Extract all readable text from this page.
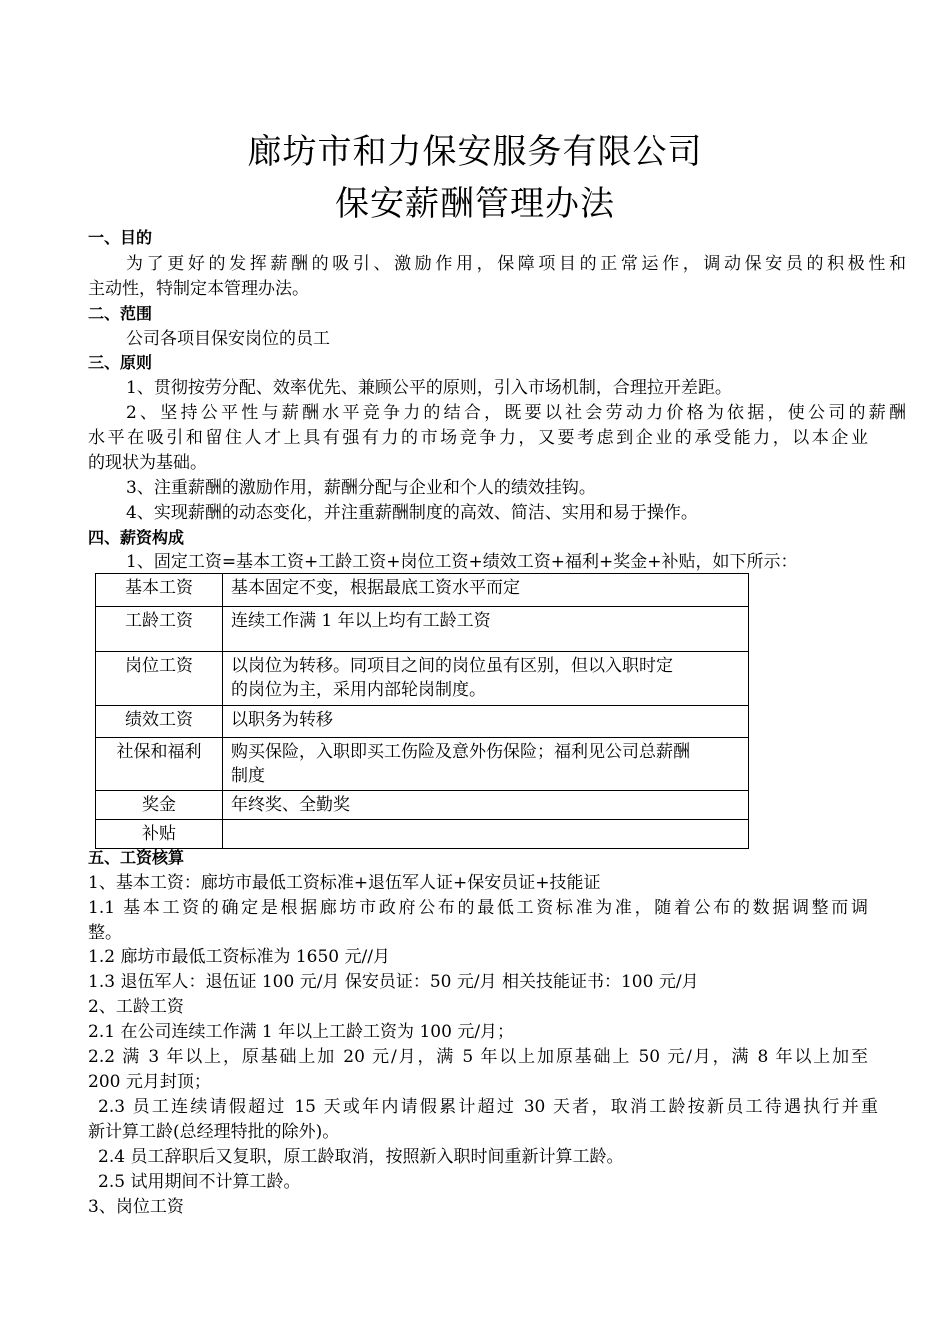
廊坊市和力保安服务有限公司
保安薪酬管理办法
一、目的
为了更好的发挥薪酬的吸引、激励作用，保障项目的正常运作，调动保安员的积极性和
主动性，特制定本管理办法。
二、范围
公司各项目保安岗位的员工
三、原则
1、贯彻按劳分配、效率优先、兼顾公平的原则，引入市场机制，合理拉开差距。
2、坚持公平性与薪酬水平竞争力的结合，既要以社会劳动力价格为依据，使公司的薪酬
水平在吸引和留住人才上具有强有力的市场竞争力，又要考虑到企业的承受能力，以本企业
的现状为基础。
3、注重薪酬的激励作用，薪酬分配与企业和个人的绩效挂钩。
4、实现薪酬的动态变化，并注重薪酬制度的高效、简洁、实用和易于操作。
四、薪资构成
1、固定工资=基本工资+工龄工资+岗位工资+绩效工资+福利+奖金+补贴，如下所示：
基本工资	基本固定不变，根据最底工资水平而定

工龄工资	连续工作满 1 年以上均有工龄工资

岗位工资	以岗位为转移。同项目之间的岗位虽有区别，但以入职时定
的岗位为主，采用内部轮岗制度。

绩效工资	以职务为转移

社保和福利	购买保险，入职即买工伤险及意外伤保险；福利见公司总薪酬
制度

奖金	年终奖、全勤奖

补贴	
五、工资核算
1、基本工资：廊坊市最低工资标准+退伍军人证+保安员证+技能证
1.1 基本工资的确定是根据廊坊市政府公布的最低工资标准为准，随着公布的数据调整而调
整。
1.2 廊坊市最低工资标准为 1650 元//月
1.3 退伍军人：退伍证 100 元/月 保安员证：50 元/月 相关技能证书：100 元/月
2、工龄工资
2.1 在公司连续工作满 1 年以上工龄工资为 100 元/月；
2.2 满 3 年以上，原基础上加 20 元/月，满 5 年以上加原基础上 50 元/月，满 8 年以上加至
200 元月封顶；
2.3 员工连续请假超过 15 天或年内请假累计超过 30 天者，取消工龄按新员工待遇执行并重
新计算工龄(总经理特批的除外)。
2.4 员工辞职后又复职，原工龄取消，按照新入职时间重新计算工龄。
2.5 试用期间不计算工龄。
3、岗位工资
